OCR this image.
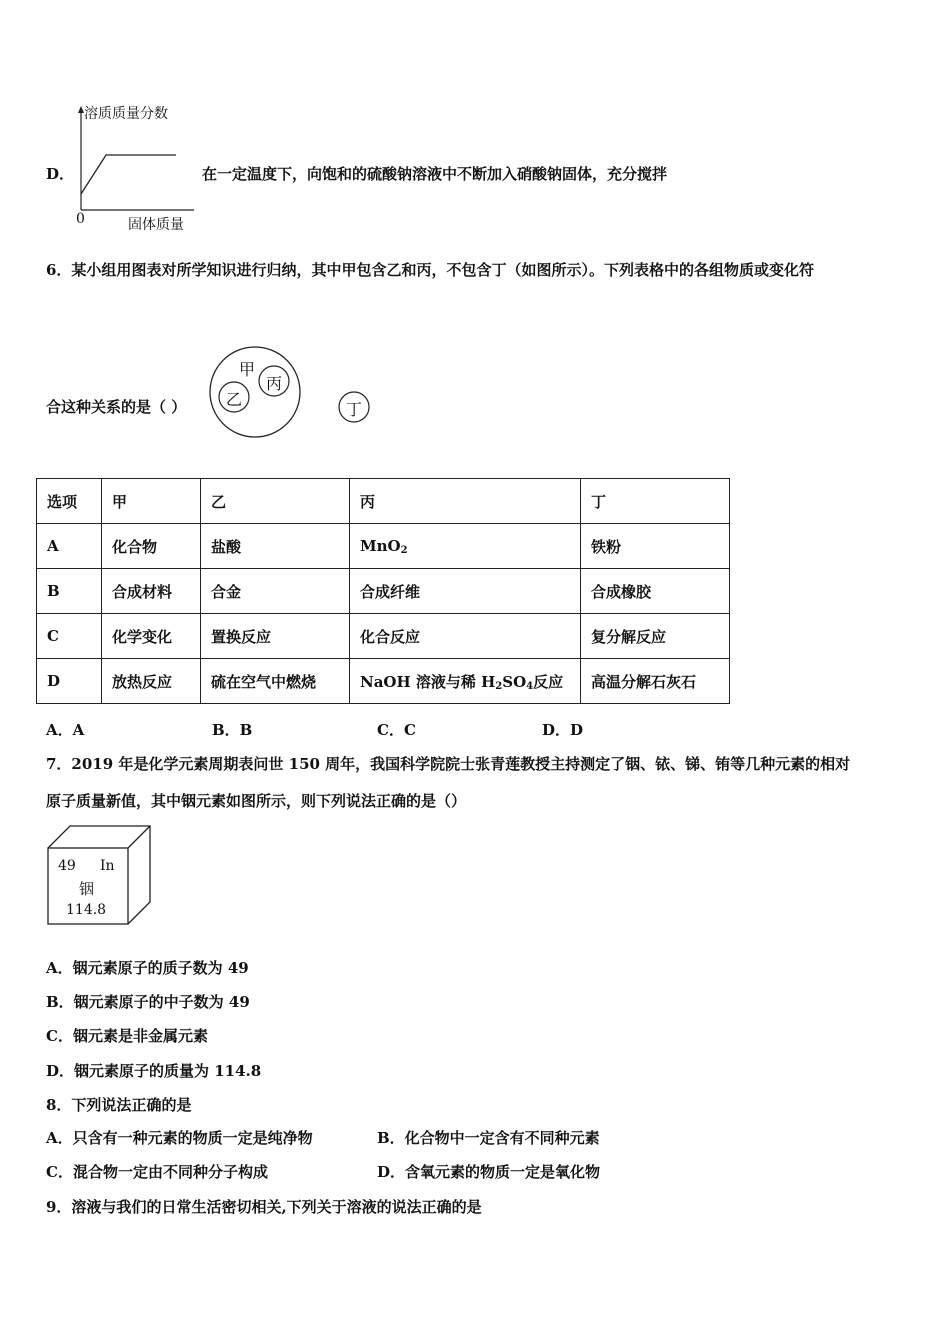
D．
溶质质量分数
0	固体质量
在一定温度下，向饱和的硫酸钠溶液中不断加入硝酸钠固体，充分搅拌
6．某小组用图表对所学知识进行归纳，其中甲包含乙和丙，不包含丁（如图所示）。下列表格中的各组物质或变化符
合这种关系的是（ ）
甲
乙
丙
丁
选项	甲	乙	丙	丁
A	化合物	盐酸	MnO$_2$	铁粉
B	合成材料	合金	合成纤维	合成橡胶
C	化学变化	置换反应	化合反应	复分解反应
D	放热反应	硫在空气中燃烧	NaOH 溶液与稀 $H_2SO_4$反应	高温分解石灰石
A．A	B．B	C．C	D．D
7．2019 年是化学元素周期表问世 150 周年，我国科学院院士张青莲教授主持测定了铟、铱、锑、铕等几种元素的相对
原子质量新值，其中铟元素如图所示，则下列说法正确的是（）
49 In
铟
114.8
A．铟元素原子的质子数为 49
B．铟元素原子的中子数为 49
C．铟元素是非金属元素
D．铟元素原子的质量为 114.8
8．下列说法正确的是
A．只含有一种元素的物质一定是纯净物	B．化合物中一定含有不同种元素
C．混合物一定由不同种分子构成	D．含氧元素的物质一定是氧化物
9．溶液与我们的日常生活密切相关,下列关于溶液的说法正确的是
